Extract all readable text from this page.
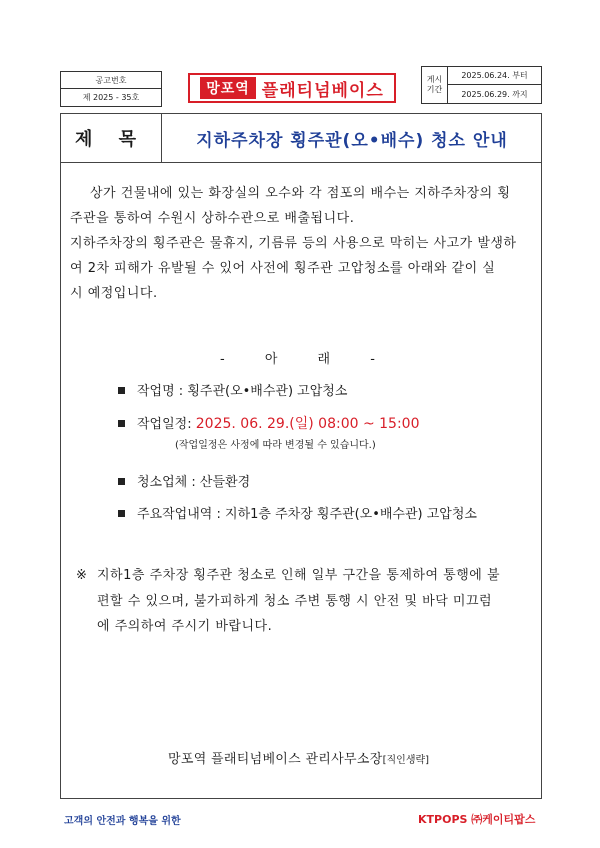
공고번호
제 2025 - 35호
망포역 플래티넘베이스
게시기간
2025.06.24. 부터
2025.06.29. 까지
제 목	지하주차장 횡주관(오•배수) 청소 안내
상가 건물내에 있는 화장실의 오수와 각 점포의 배수는 지하주차장의 횡
주관을 통하여 수원시 상하수관으로 배출됩니다.
지하주차장의 횡주관은 물휴지, 기름류 등의 사용으로 막히는 사고가 발생하
여 2차 피해가 유발될 수 있어 사전에 횡주관 고압청소를 아래와 같이 실
시 예정입니다.
- 아 래 -
작업명 : 횡주관(오•배수관) 고압청소
작업일정: 2025. 06. 29.(일) 08:00 ~ 15:00
(작업일정은 사정에 따라 변경될 수 있습니다.)
청소업체 : 산들환경
주요작업내역 : 지하1층 주차장 횡주관(오•배수관) 고압청소
※ 지하1층 주차장 횡주관 청소로 인해 일부 구간을 통제하여 통행에 불
편할 수 있으며, 불가피하게 청소 주변 통행 시 안전 및 바닥 미끄럼
에 주의하여 주시기 바랍니다.
망포역 플래티넘베이스 관리사무소장[직인생략]
고객의 안전과 행복을 위한	KTPOPS ㈜케이티팝스
